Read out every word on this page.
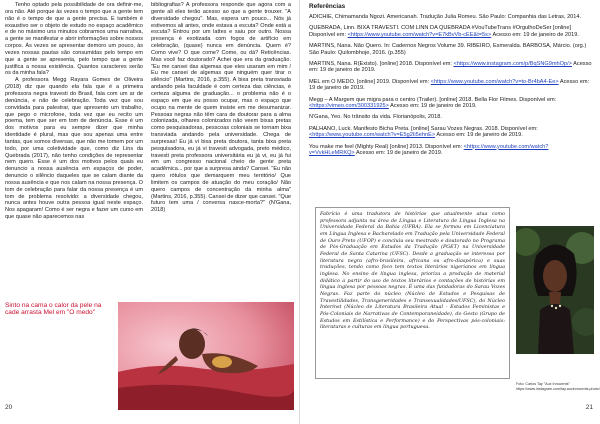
Tenho optado pela possibilidade de ora definir-me, ora não. Até porque às vezes o tempo que a gente tem não é o tempo de que a gente precisa. E também é exaustivo ser o objeto de estudo no espaço acadêmico e de no máximo uns minutos cobrarmos uma narrativa, a gente se manifestar e abrir informações sobre nossos corpos. Às vezes se apresentar demoro um pouco, às vezes nossas pautas são consumidas pelo tempo em que a gente se apresenta, pelo tempo que a gente justifica a nossa existência. Quantos caracteres serão os da minha fala?

A professora Megg Rayara Gomes de Oliveira (2018) diz que quando ela fala que é a primeira professora negra travesti do Brasil, fala com um ar de denúncia, e não de celebração. Toda vez que sou convidada para palestrar, que apresento um trabalho, que pego o microfone, toda vez que eu recito um poema, tem que ser em tom de denúncia. Esse é um dos motivos para eu sempre dizer que minha identidade é plural, mas que sou apenas uma entre tantas, que somos diversas, que não me tomem por um todo, por uma coletividade que, como diz Lins da Quebrada (2017), não tenho condições de representar nem quero. Esse é um dos motivos pelos quais eu denuncio a nossa ausência em espaços de poder, denuncio o silêncio daqueles que se calam diante da nossa ausência e que nos calam na nossa presença. O tom de celebração para falar da nossa presença é um tom de problema resolvido: a diversidade chegou, nunca antes houve outra pessoa igual neste espaço. Nos apagaram! Como é ser negra e fazer um curso em que quase não aparecemos nas

bibliografias? A professora responde que agora com a gente ali eles terão acesso ao que a gente trouxer. "A diversidade chegou". Mas, espera um pouco... Nós já estivemos ali antes, onde estava a escuta? Onde está a escuta? Entrou por um lattes e saiu por outro. Nossa presença é exotizada com fogos de artifício em celebração, (quase) nunca em denúncia. Quem é? Como vive? O que come? Come, ou dá? Reticências. Mas você faz doutorado? Achei que era da graduação. "Eu me cansei das algemas que eles usaram em mim / Eu me cansei de algemas que ninguém quer tirar o silêncio" (Martins, 2016, p.355). A bixa preta transviada andando pela faculdade é com certeza das ciências, é certeza alguma de graduação... o problema não é o espaço em que eu posso ocupar, mas o espaço que ocupo na mente de quem insiste em me desumanizar. Pessoas negras não têm cara de doutorar para a alma colonizada, olhares colonizados não veem bixas pretas como pesquisadoras, pesscoas coloniais se tornam bixa transviada andando pela universidade. Chega de surpresas! Eu já vi bixa preta doutora, tanta bixa preta pesquisadora, eu já vi travesti advogada, preto médico, travesti preta professora universitária eu já vi, eu já fui em um congresso nacional cheio de gente preta acadêmica... por que a surpresa ainda? Cansei. "Eu não quero rótulos que demarquem meu território/ Que limitem os campos de atuação do meu coração/ Não quero campos de concentração da minha alma" (Martins, 2016, p.355). Cansei de dizer que cansei. "Que futuro tem uma / conversa nasce-morta?" (N'Gana, 2018)

Sinto na cama o calor da pele na cade arrasta Mel em "O medo"
20
Referências
ADICHIE, Chimamanda Ngozi. Americanah. Tradução Julia Romeu. São Paulo: Companhia das Letras, 2014.
QUEBRADA, Linn. BIXA TRAVESTI. COM LINN DA QUEBRADA #VouTubeTrans #OrgulhoDeSer [online] Disponível em: <https://www.youtube.com/watch?v=E7kBvVb-cEE&t=5s> Acesso em: 19 de janeiro de 2019.
MARTINS, Nana. Não Quero. In: Cadernos Negros Volume 39. RIBEIRO, Esmeralda. BARBOSA, Márcio. (org.) São Paulo: Quilombhoje, 2016. (p.355)
MARTINS, Nana. R(Existo). [online] 2018. Disponível em: <https://www.instagram.com/p/BqSNG9mhOp/> Acesso em: 19 de janeiro de 2019.
MEL em O MEDO. [online] 2019. Disponível em: <https://www.youtube.com/watch?v=to-Br4bA4-Ee> Acesso em: 19 de janeiro de 2019.
Megg – A Margem que migra para o centro (Trailer). [online] 2018. Bella Flor Filmes. Disponível em: <https://vimeo.com/300331925> Acesso em: 19 de janeiro de 2019.
N'Gana, Yeo. No trânsito da vida. Florianópolis, 2018.
PALHANO, Luck. Manifesto Bicha Preta. [online] Sarau Vozes Negras. 2018. Disponível em: <https://www.youtube.com/watch?v=E5g2Ii5ehnE> Acesso em: 19 de janeiro de 2019.
You make me feel (Mighty Real) [online] 2013. Disponível em: <https://www.youtube.com/watch?v=VvkHLeMRKQ> Acesso em: 19 de janeiro de 2019.
Fabrício é uma tradutora de histórias que atualmente atua como professora adjunta na área de Língua e Literatura de Língua Inglesa na Universidade Federal da Bahia (UFBA). Ela se formou em Licenciatura em Língua Inglesa e Bacharelado em Tradução pela Universidade Federal de Ouro Preto (UFOP) e concluiu seu mestrado e doutorado no Programa de Pós-Graduação em Estudos da Tradução (PGET) na Universidade Federal de Santa Catarina (UFSC). Desde a graduação se interessa por literatura negra (afro-brasileira, africana ou afro-diaspórica) e suas traduções, tendo como foco tem textos literários nigerianos em língua inglesa. No ensino de língua inglesa, prioriza a produção de material didático a partir do uso de textos literários e contações de histórias em língua inglesa por pessoas negras. É uma das fundadoras do Sarau Vozes Negras. Faz parte do núcleo (Núcleo de Estudos e Pesquisas de Travestilidades, Transgeneridades e Transexualidades/UFSC), do Núcleo Interinst (Núcleo de Literatura Brasileira Atual - Estudos Feministas e Pós-Coloniais de Narrativas de Contemporaneidade), do Gesto (Grupo de Estudos em Estilística e Performance) e do Perspectivas pós-coloniais: literaturas e culturas em língua portuguesa.
Foto: Carlos Tay "Aux Innocents"
https://www.instagram.com/tay.auxinnocents.photo/
21
